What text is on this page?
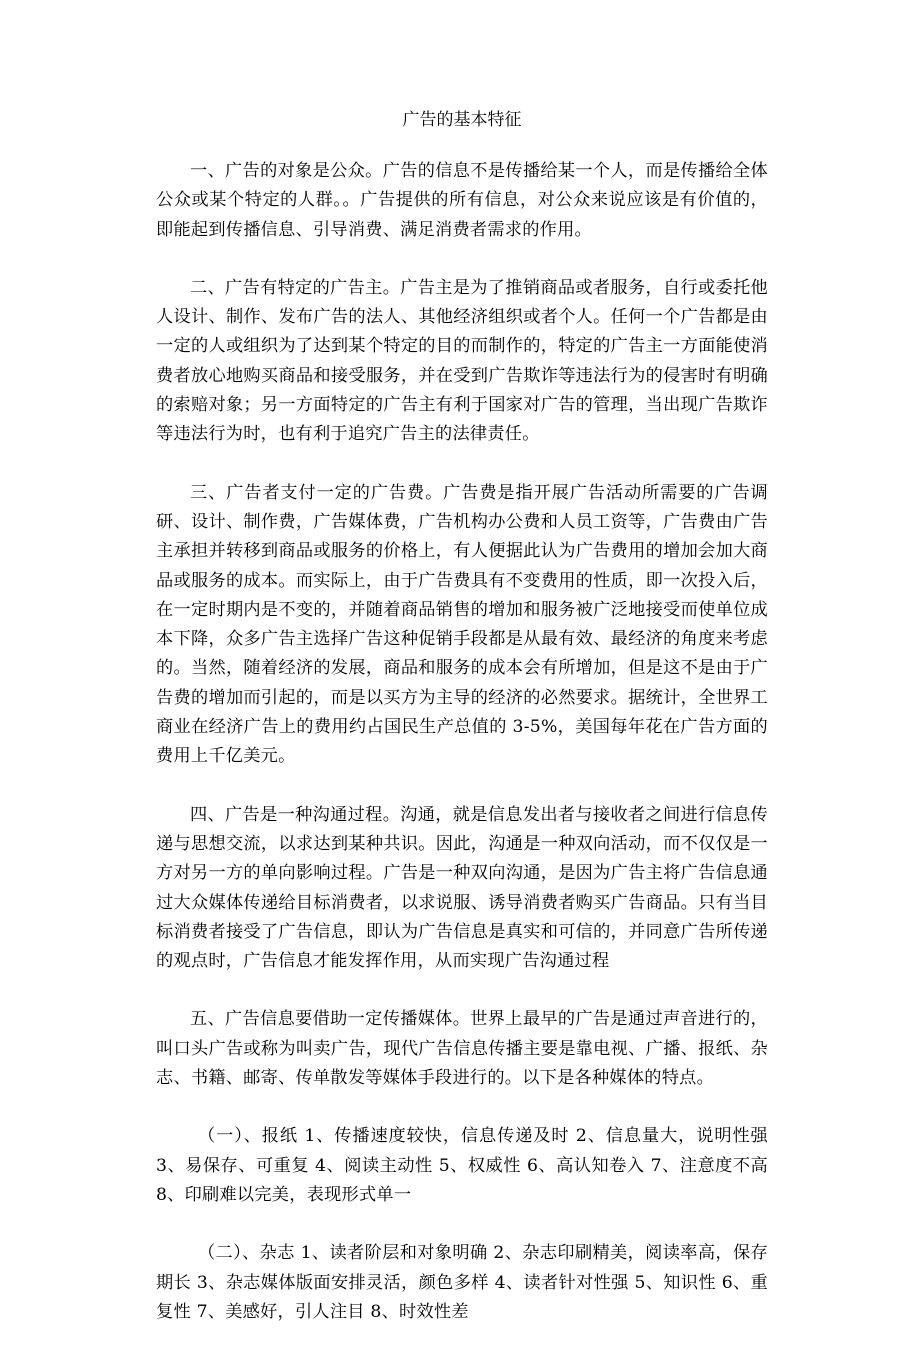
广告的基本特征

一、广告的对象是公众。广告的信息不是传播给某一个人，而是传播给全体公众或某个特定的人群。。广告提供的所有信息，对公众来说应该是有价值的，即能起到传播信息、引导消费、满足消费者需求的作用。

二、广告有特定的广告主。广告主是为了推销商品或者服务，自行或委托他人设计、制作、发布广告的法人、其他经济组织或者个人。任何一个广告都是由一定的人或组织为了达到某个特定的目的而制作的，特定的广告主一方面能使消费者放心地购买商品和接受服务，并在受到广告欺诈等违法行为的侵害时有明确的索赔对象；另一方面特定的广告主有利于国家对广告的管理，当出现广告欺诈等违法行为时，也有利于追究广告主的法律责任。

三、广告者支付一定的广告费。广告费是指开展广告活动所需要的广告调研、设计、制作费，广告媒体费，广告机构办公费和人员工资等，广告费由广告主承担并转移到商品或服务的价格上，有人便据此认为广告费用的增加会加大商品或服务的成本。而实际上，由于广告费具有不变费用的性质，即一次投入后，在一定时期内是不变的，并随着商品销售的增加和服务被广泛地接受而使单位成本下降，众多广告主选择广告这种促销手段都是从最有效、最经济的角度来考虑的。当然，随着经济的发展，商品和服务的成本会有所增加，但是这不是由于广告费的增加而引起的，而是以买方为主导的经济的必然要求。据统计，全世界工商业在经济广告上的费用约占国民生产总值的 3-5%，美国每年花在广告方面的费用上千亿美元。

四、广告是一种沟通过程。沟通，就是信息发出者与接收者之间进行信息传递与思想交流，以求达到某种共识。因此，沟通是一种双向活动，而不仅仅是一方对另一方的单向影响过程。广告是一种双向沟通，是因为广告主将广告信息通过大众媒体传递给目标消费者，以求说服、诱导消费者购买广告商品。只有当目标消费者接受了广告信息，即认为广告信息是真实和可信的，并同意广告所传递的观点时，广告信息才能发挥作用，从而实现广告沟通过程

五、广告信息要借助一定传播媒体。世界上最早的广告是通过声音进行的，叫口头广告或称为叫卖广告，现代广告信息传播主要是靠电视、广播、报纸、杂志、书籍、邮寄、传单散发等媒体手段进行的。以下是各种媒体的特点。

（一）、报纸 1、传播速度较快，信息传递及时 2、信息量大，说明性强 3、易保存、可重复 4、阅读主动性 5、权威性 6、高认知卷入 7、注意度不高 8、印刷难以完美，表现形式单一

（二）、杂志 1、读者阶层和对象明确 2、杂志印刷精美，阅读率高，保存期长 3、杂志媒体版面安排灵活，颜色多样 4、读者针对性强 5、知识性 6、重复性 7、美感好，引人注目 8、时效性差
